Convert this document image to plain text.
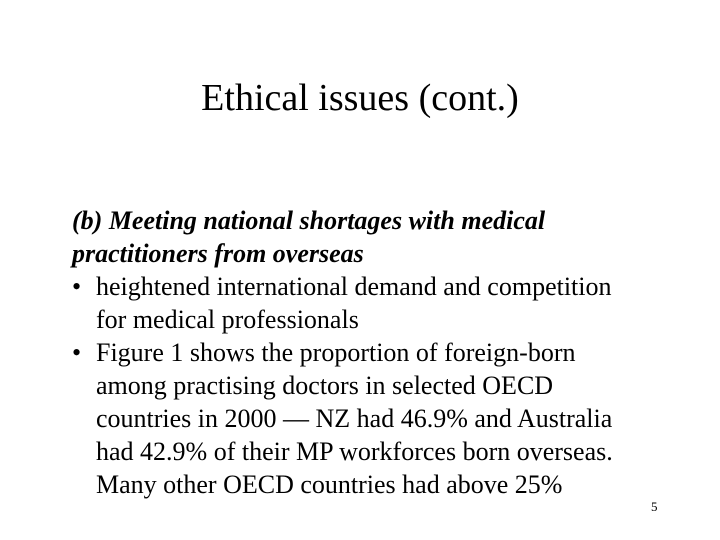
Ethical issues (cont.)

(b) Meeting national shortages with medical
practitioners from overseas

• heightened international demand and competition
for medical professionals
• Figure 1 shows the proportion of foreign-born
among practising doctors in selected OECD
countries in 2000 — NZ had 46.9% and Australia
had 42.9% of their MP workforces born overseas.
Many other OECD countries had above 25%
5
